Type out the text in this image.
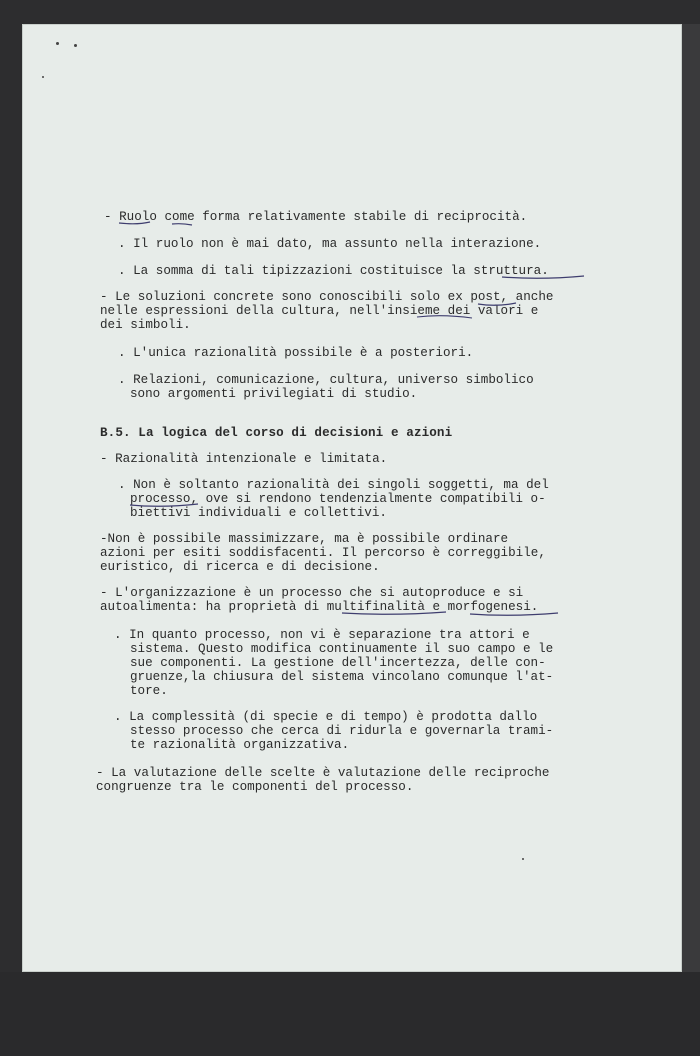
- Ruolo come forma relativamente stabile di reciprocità.

. Il ruolo non è mai dato, ma assunto nella interazione.

. La somma di tali tipizzazioni costituisce la struttura.

- Le soluzioni concrete sono conoscibili solo ex post, anche

nelle espressioni della cultura, nell'insieme dei valori e

dei simboli.

. L'unica razionalità possibile è a posteriori.

. Relazioni, comunicazione, cultura, universo simbolico

sono argomenti privilegiati di studio.

B.5. La logica del corso di decisioni e azioni

- Razionalità intenzionale e limitata.

. Non è soltanto razionalità dei singoli soggetti, ma del

processo, ove si rendono tendenzialmente compatibili o-

biettivi individuali e collettivi.

-Non è possibile massimizzare, ma è possibile ordinare

azioni per esiti soddisfacenti. Il percorso è correggibile,

euristico, di ricerca e di decisione.

- L'organizzazione è un processo che si autoproduce e si

autoalimenta: ha proprietà di multifinalità e morfogenesi.

. In quanto processo, non vi è separazione tra attori e

sistema. Questo modifica continuamente il suo campo e le

sue componenti. La gestione dell'incertezza, delle con-

gruenze,la chiusura del sistema vincolano comunque l'at-

tore.

. La complessità (di specie e di tempo) è prodotta dallo

stesso processo che cerca di ridurla e governarla trami-

te razionalità organizzativa.

- La valutazione delle scelte è valutazione delle reciproche

congruenze tra le componenti del processo.
